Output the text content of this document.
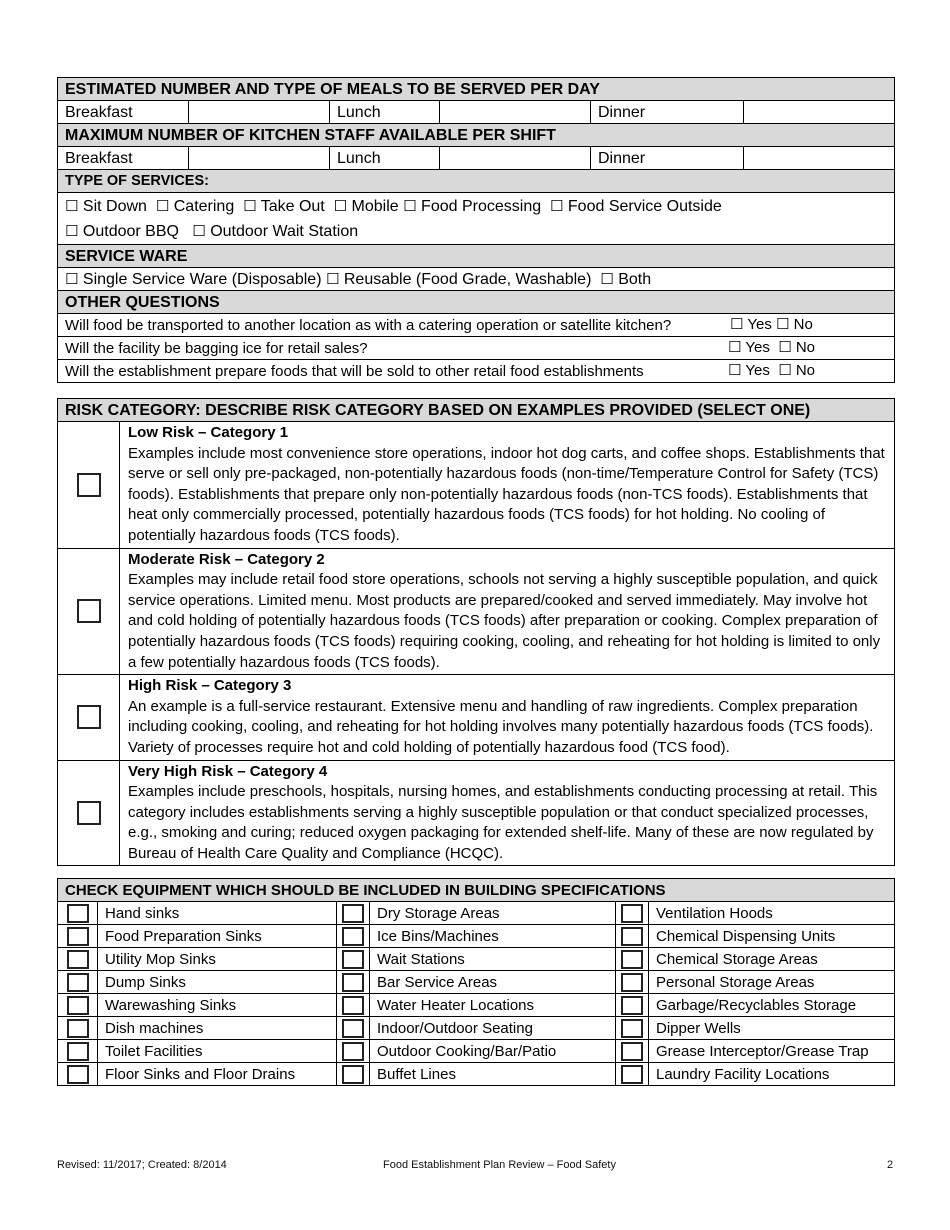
ESTIMATED NUMBER AND TYPE OF MEALS TO BE SERVED PER DAY					
Breakfast		Lunch		Dinner	
MAXIMUM NUMBER OF KITCHEN STAFF AVAILABLE PER SHIFT					
Breakfast		Lunch		Dinner	
TYPE OF SERVICES:					
☐ Sit Down ☐ Catering ☐ Take Out ☐ Mobile ☐ Food Processing ☐ Food Service Outside
☐ Outdoor BBQ ☐ Outdoor Wait Station					
SERVICE WARE					
☐ Single Service Ware (Disposable) ☐ Reusable (Food Grade, Washable) ☐ Both					
OTHER QUESTIONS					
Will food be transported to another location as with a catering operation or satellite kitchen? ☐ Yes ☐ No					

Will the facility be bagging ice for retail sales? ☐ Yes ☐ No					

Will the establishment prepare foods that will be sold to other retail food establishments ☐ Yes ☐ No					
RISK CATEGORY: DESCRIBE RISK CATEGORY BASED ON EXAMPLES PROVIDED (SELECT ONE)	

	Low Risk – Category 1
Examples include most convenience store operations, indoor hot dog carts, and coffee shops. Establishments that serve or sell only pre-packaged, non-potentially hazardous foods (non-time/Temperature Control for Safety (TCS) foods). Establishments that prepare only non-potentially hazardous foods (non-TCS foods). Establishments that heat only commercially processed, potentially hazardous foods (TCS foods) for hot holding. No cooling of potentially hazardous foods (TCS foods).

	Moderate Risk – Category 2
Examples may include retail food store operations, schools not serving a highly susceptible population, and quick service operations. Limited menu. Most products are prepared/cooked and served immediately. May involve hot and cold holding of potentially hazardous foods (TCS foods) after preparation or cooking. Complex preparation of potentially hazardous foods (TCS foods) requiring cooking, cooling, and reheating for hot holding is limited to only a few potentially hazardous foods (TCS foods).

	High Risk – Category 3
An example is a full-service restaurant. Extensive menu and handling of raw ingredients. Complex preparation including cooking, cooling, and reheating for hot holding involves many potentially hazardous foods (TCS foods). Variety of processes require hot and cold holding of potentially hazardous food (TCS food).

	Very High Risk – Category 4
Examples include preschools, hospitals, nursing homes, and establishments conducting processing at retail. This category includes establishments serving a highly susceptible population or that conduct specialized processes, e.g., smoking and curing; reduced oxygen packaging for extended shelf-life. Many of these are now regulated by Bureau of Health Care Quality and Compliance (HCQC).
CHECK EQUIPMENT WHICH SHOULD BE INCLUDED IN BUILDING SPECIFICATIONS					
	Hand sinks		Dry Storage Areas		Ventilation Hoods
	Food Preparation Sinks		Ice Bins/Machines		Chemical Dispensing Units
	Utility Mop Sinks		Wait Stations		Chemical Storage Areas
	Dump Sinks		Bar Service Areas		Personal Storage Areas
	Warewashing Sinks		Water Heater Locations		Garbage/Recyclables Storage
	Dish machines		Indoor/Outdoor Seating		Dipper Wells
	Toilet Facilities		Outdoor Cooking/Bar/Patio		Grease Interceptor/Grease Trap
	Floor Sinks and Floor Drains		Buffet Lines		Laundry Facility Locations
Revised: 11/2017; Created: 8/2014	Food Establishment Plan Review – Food Safety	2
